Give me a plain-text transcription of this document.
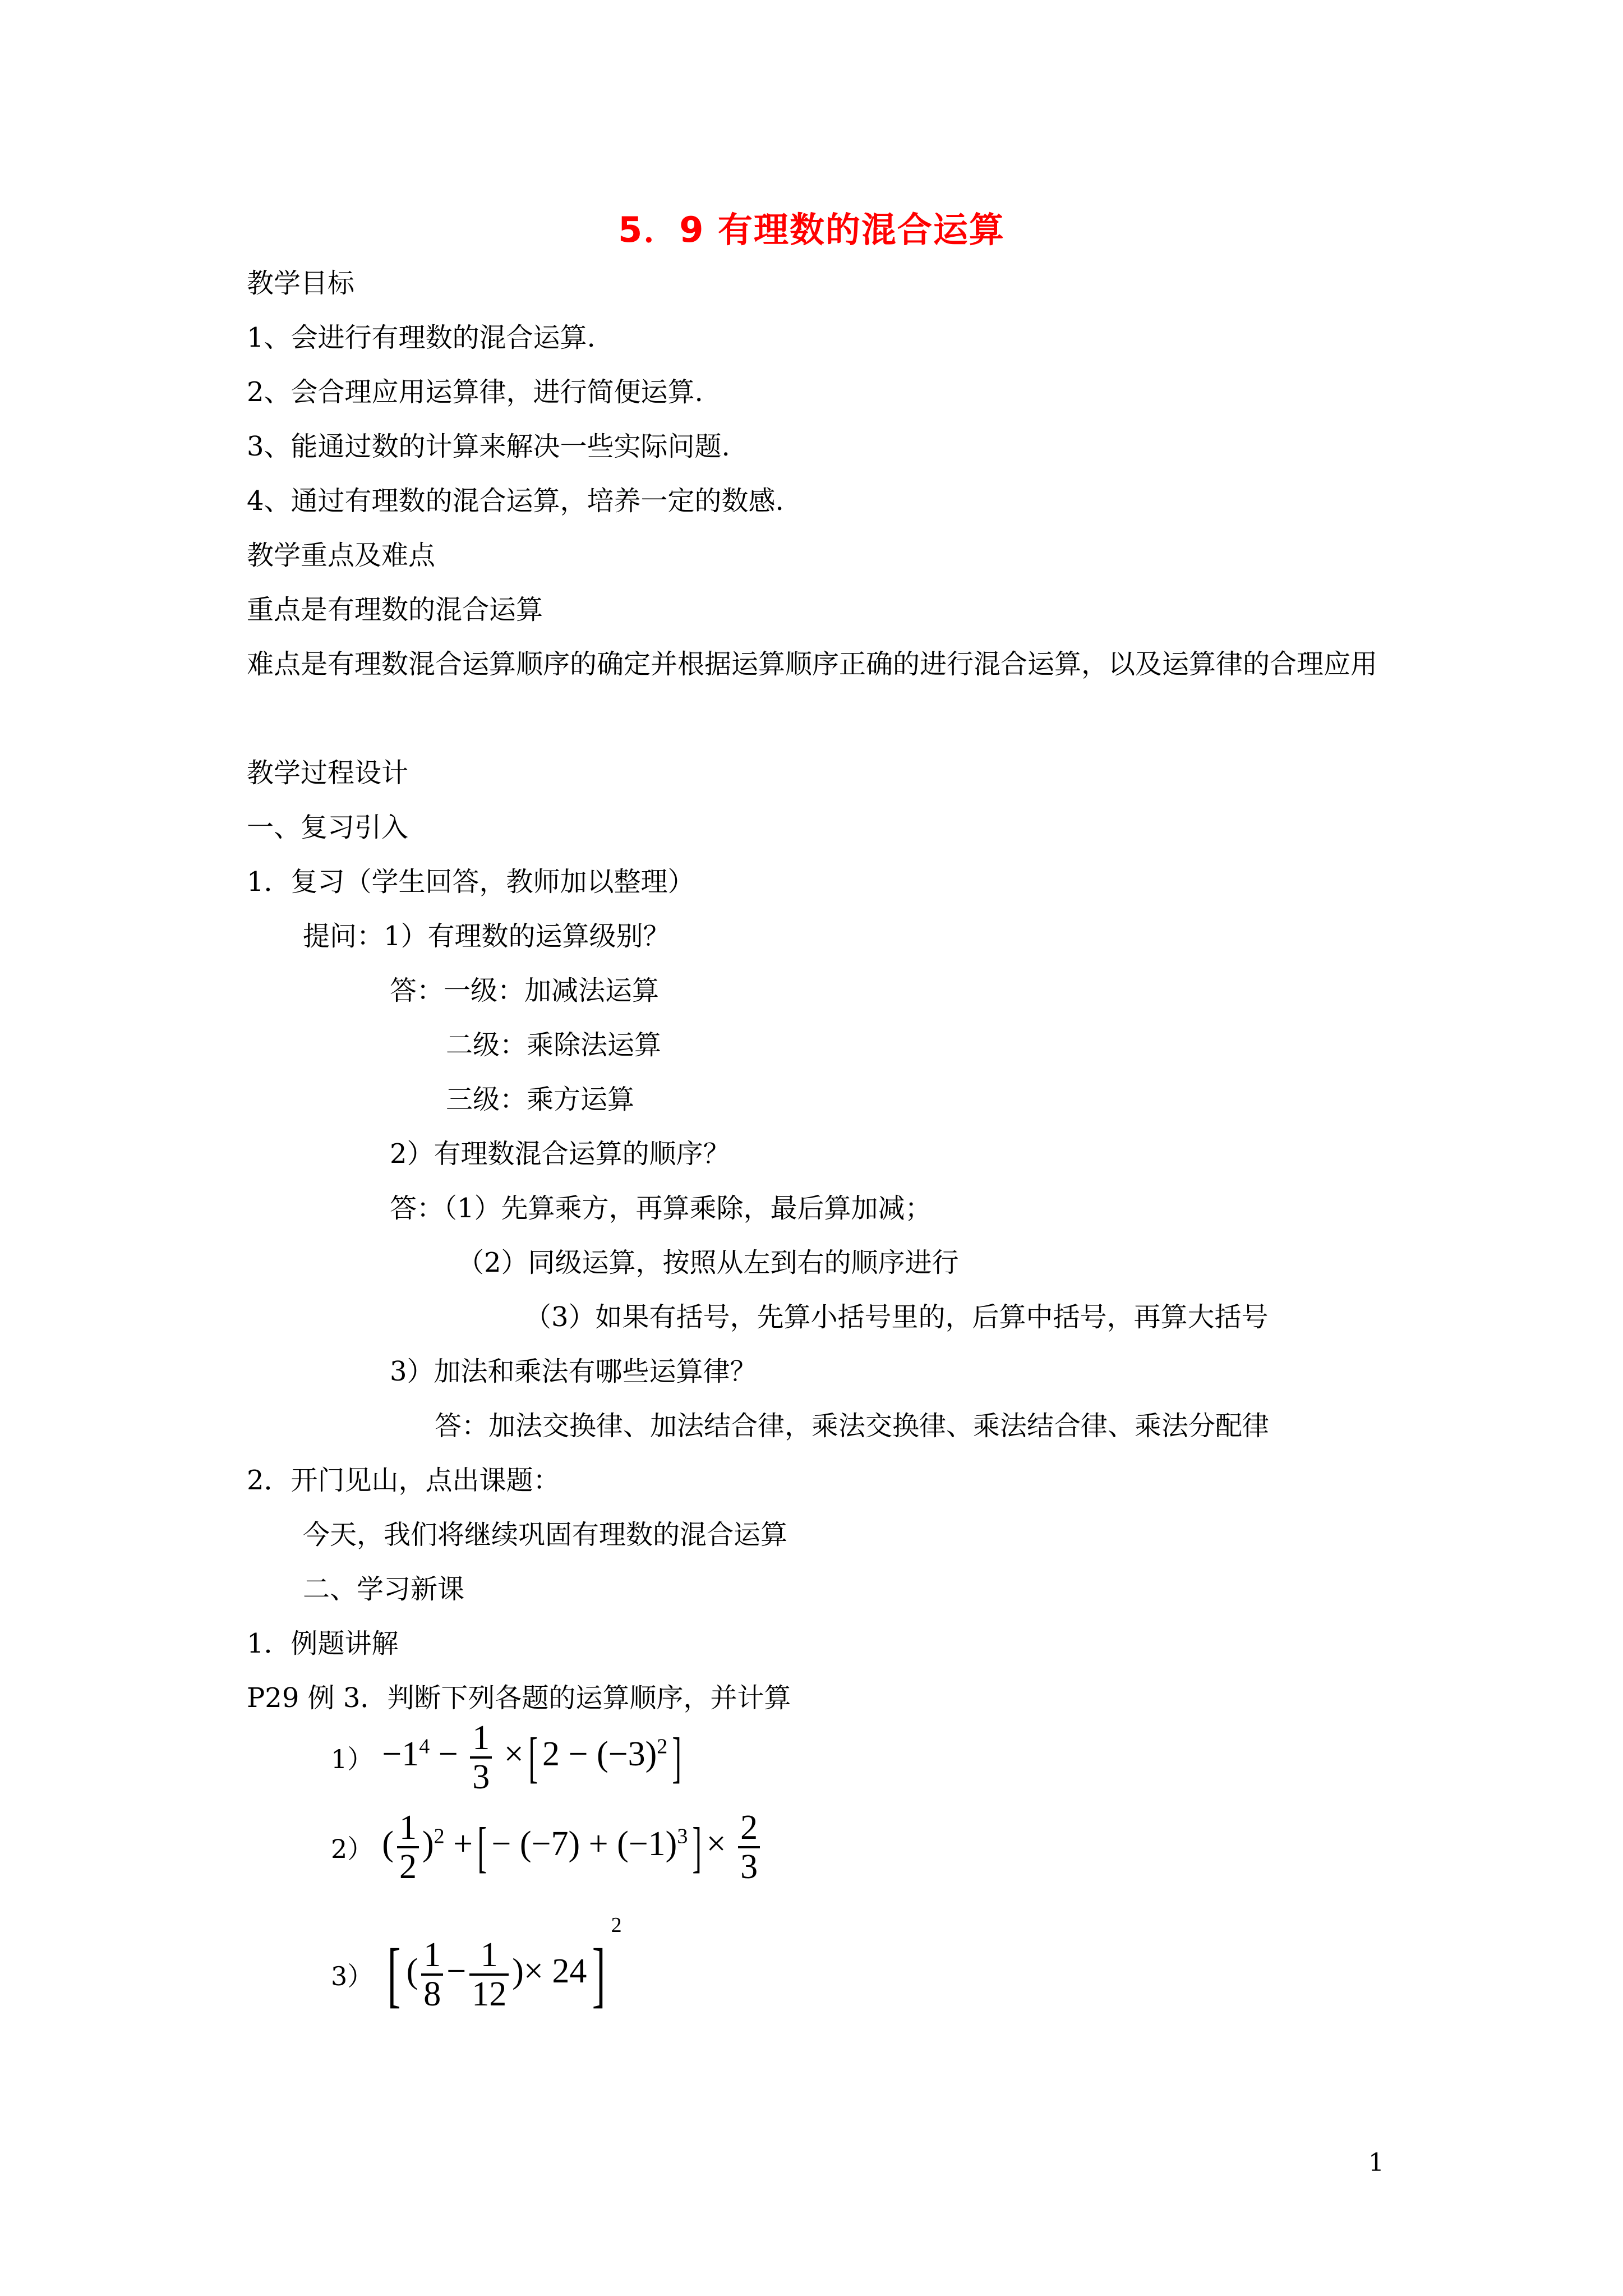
5．9 有理数的混合运算
教学目标
1、会进行有理数的混合运算.
2、会合理应用运算律，进行简便运算.
3、能通过数的计算来解决一些实际问题.
4、通过有理数的混合运算，培养一定的数感.
教学重点及难点
重点是有理数的混合运算
难点是有理数混合运算顺序的确定并根据运算顺序正确的进行混合运算，以及运算律的合理应用
教学过程设计
一、复习引入
1．复习（学生回答，教师加以整理）
提问：1）有理数的运算级别？
答：一级：加减法运算
二级：乘除法运算
三级：乘方运算
2）有理数混合运算的顺序？
答：（1）先算乘方，再算乘除，最后算加减；
（2）同级运算，按照从左到右的顺序进行
（3）如果有括号，先算小括号里的，后算中括号，再算大括号
3）加法和乘法有哪些运算律？
答：加法交换律、加法结合律，乘法交换律、乘法结合律、乘法分配律
2．开门见山，点出课题：
今天，我们将继续巩固有理数的混合运算
二、学习新课
1．例题讲解
P29 例 3．判断下列各题的运算顺序，并计算
$1) -1^4 - \frac{1}{3}$ ×[ $2 - (-3)^2$]
2） ( $\frac{1}{2} )^2$ +[ − $(-7) + (-1)^3] \times \frac{2}{3}$
3） [ ( $\frac{1}{8} - \frac{1}{12}$ )× 24]$^2$
1
